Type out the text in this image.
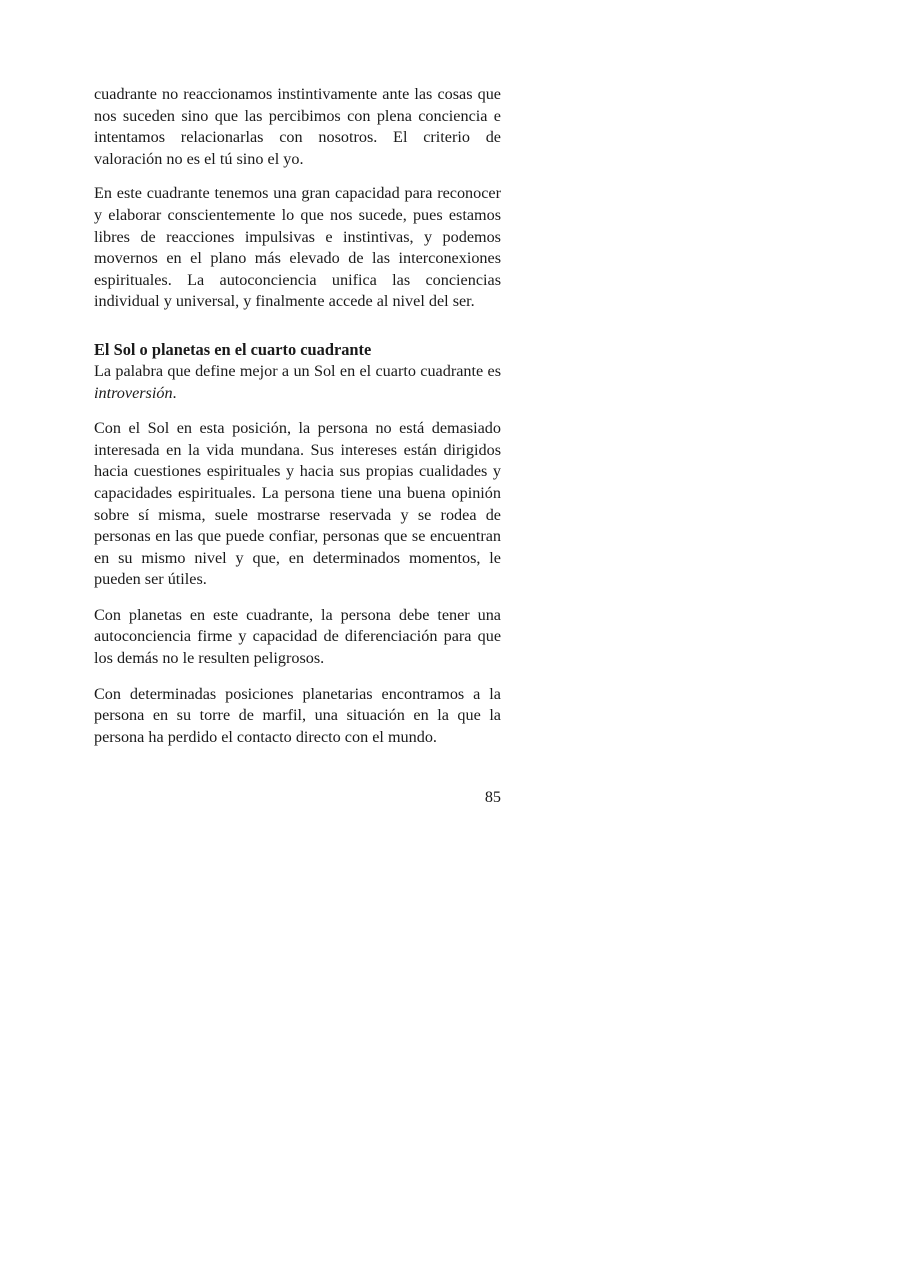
cuadrante no reaccionamos instintivamente ante las cosas que nos suceden sino que las percibimos con plena conciencia e intentamos relacionarlas con nosotros. El criterio de valoración no es el tú sino el yo.

En este cuadrante tenemos una gran capacidad para reconocer y elaborar conscientemente lo que nos sucede, pues estamos libres de reacciones impulsivas e instintivas, y podemos movernos en el plano más elevado de las interconexiones espirituales. La autoconciencia unifica las conciencias individual y universal, y finalmente accede al nivel del ser.

El Sol o planetas en el cuarto cuadrante

La palabra que define mejor a un Sol en el cuarto cuadrante es introversión.

Con el Sol en esta posición, la persona no está demasiado interesada en la vida mundana. Sus intereses están dirigidos hacia cuestiones espirituales y hacia sus propias cualidades y capacidades espirituales. La persona tiene una buena opinión sobre sí misma, suele mostrarse reservada y se rodea de personas en las que puede confiar, personas que se encuentran en su mismo nivel y que, en determinados momentos, le pueden ser útiles.

Con planetas en este cuadrante, la persona debe tener una autoconciencia firme y capacidad de diferenciación para que los demás no le resulten peligrosos.

Con determinadas posiciones planetarias encontramos a la persona en su torre de marfil, una situación en la que la persona ha perdido el contacto directo con el mundo.

85
